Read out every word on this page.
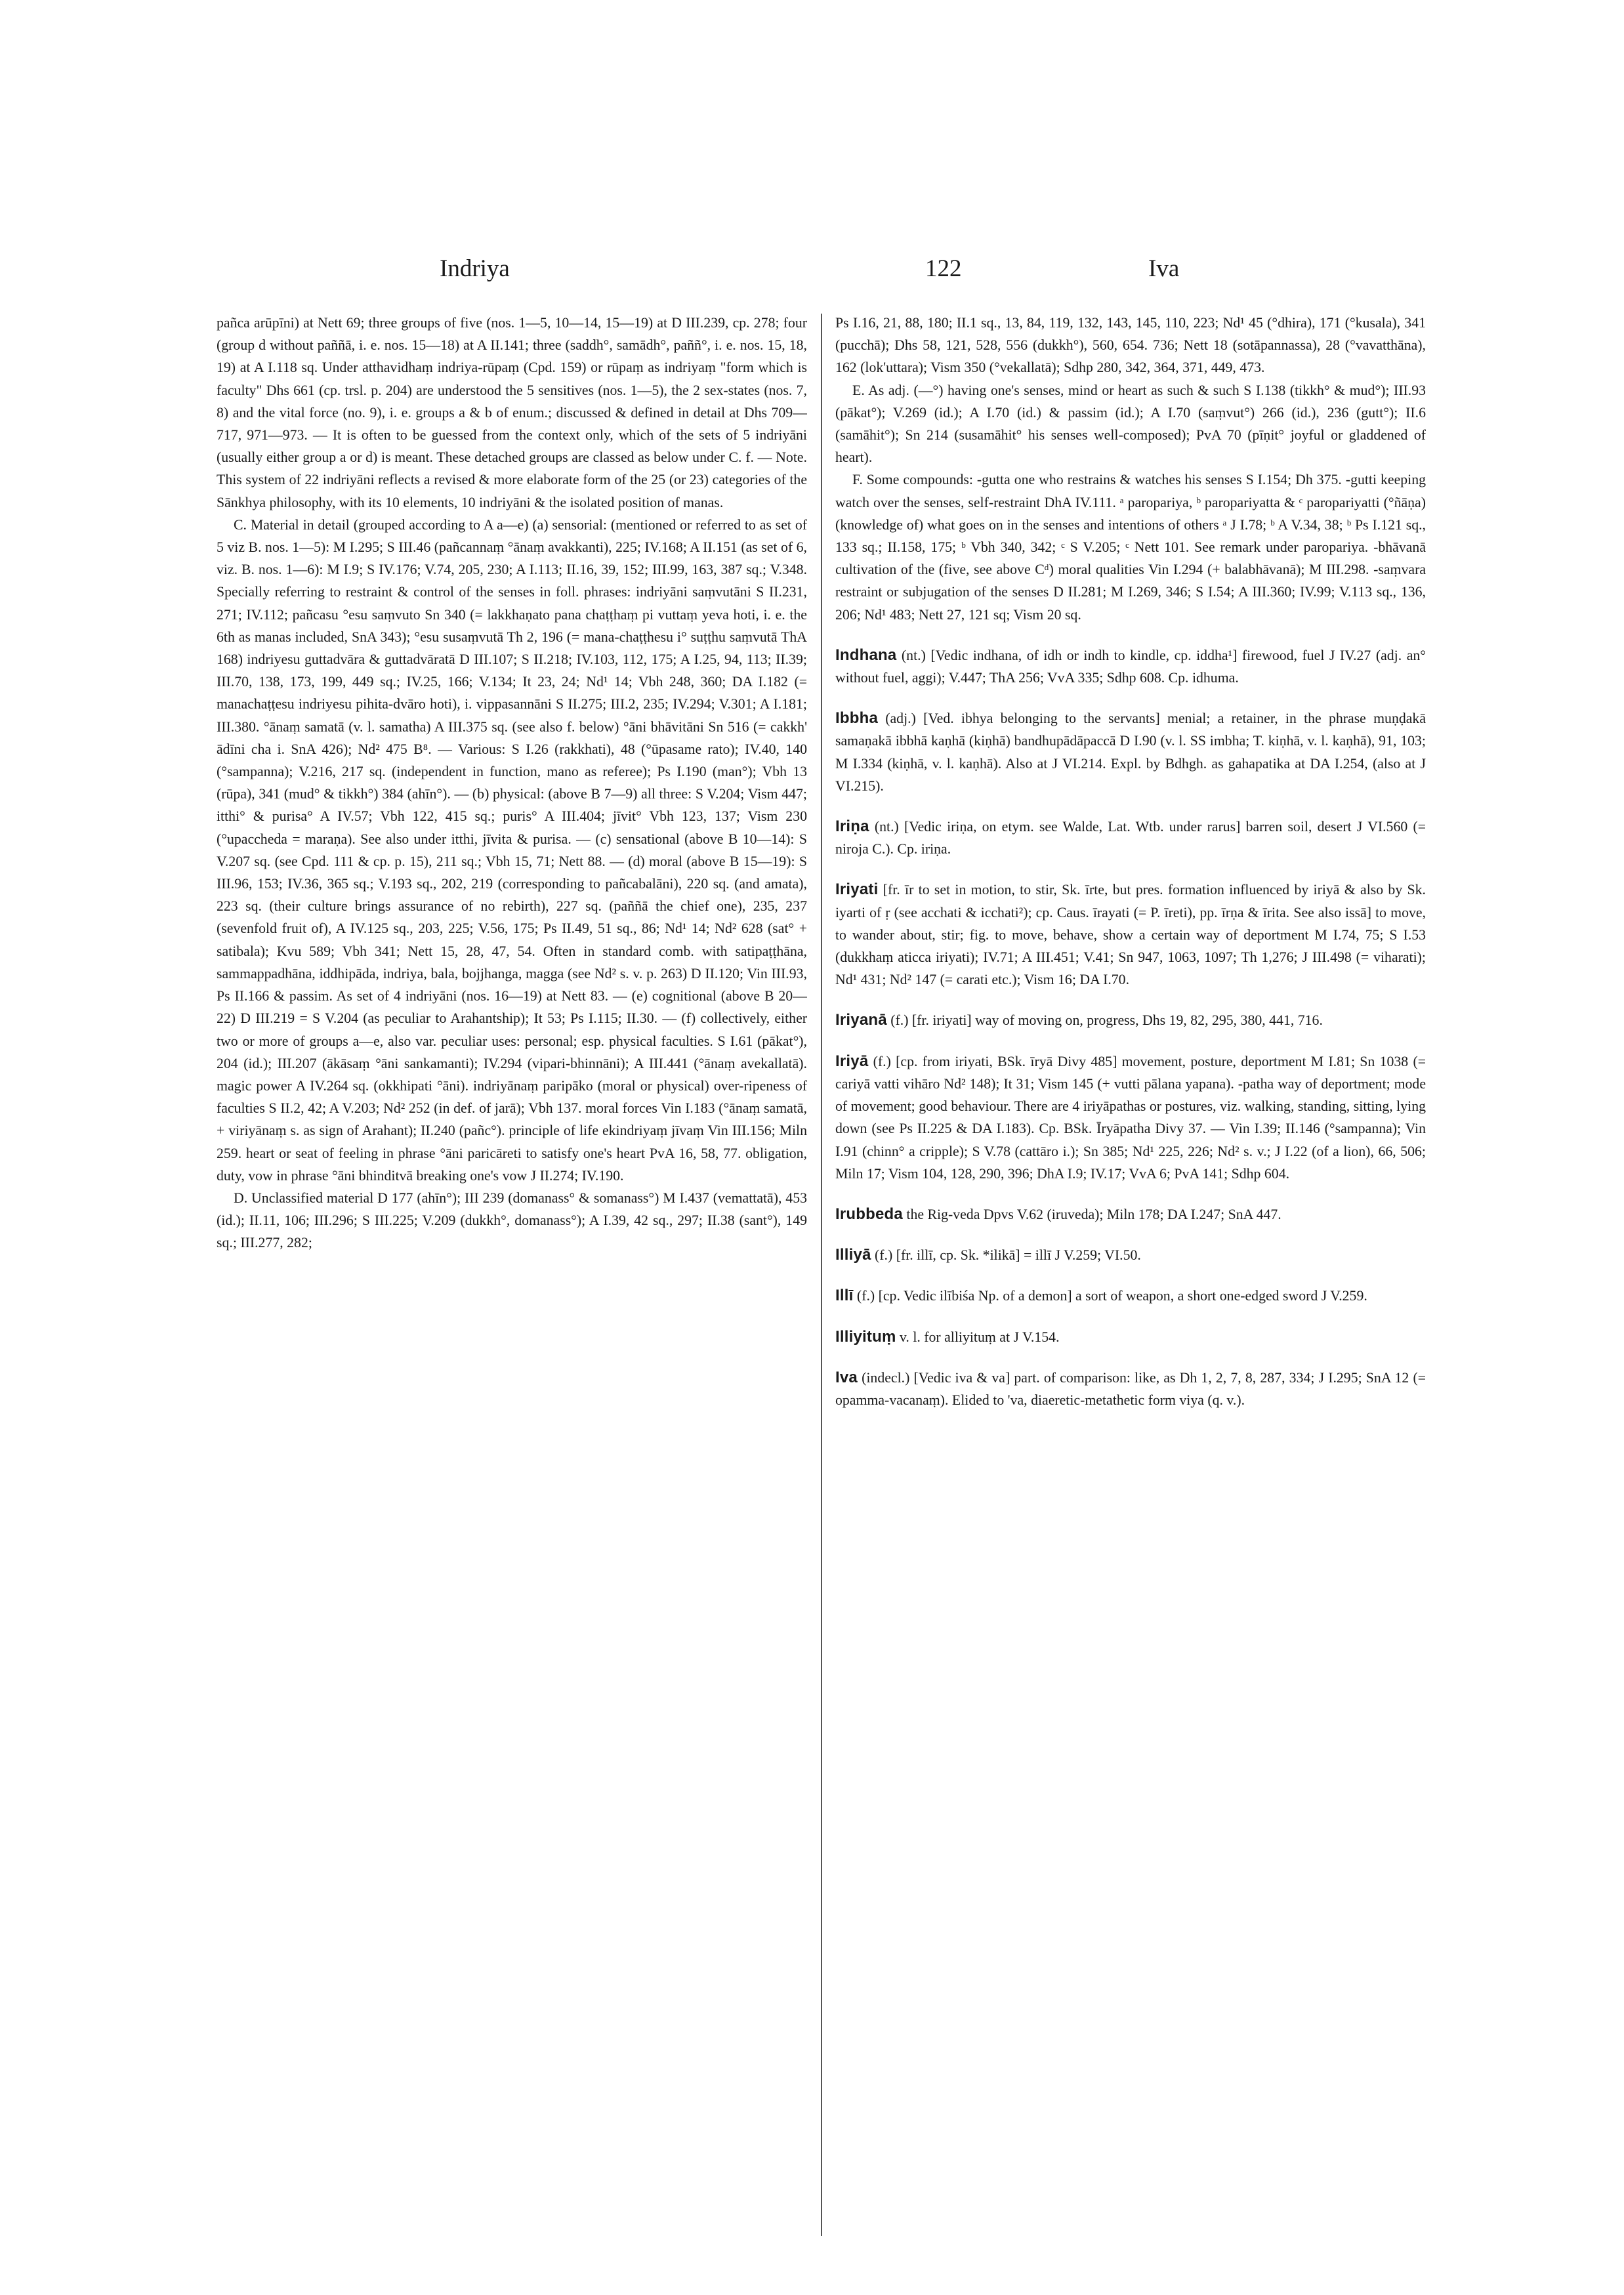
Indriya	122	Iva

pañca arūpīni) at Nett 69; three groups of five (nos. 1—5, 10—14, 15—19) at D III.239, cp. 278; four (group d without paññā, i. e. nos. 15—18) at A II.141; three (saddh°, samādh°, paññ°, i. e. nos. 15, 18, 19) at A I.118 sq. Under atthavidhaṃ indriya-rūpaṃ (Cpd. 159) or rūpaṃ as indriyaṃ "form which is faculty" Dhs 661 (cp. trsl. p. 204) are understood the 5 sensitives (nos. 1—5), the 2 sex-states (nos. 7, 8) and the vital force (no. 9), i. e. groups a & b of enum.; discussed & defined in detail at Dhs 709—717, 971—973. — It is often to be guessed from the context only, which of the sets of 5 indriyāni (usually either group a or d) is meant. These detached groups are classed as below under C. f. — Note. This system of 22 indriyāni reflects a revised & more elaborate form of the 25 (or 23) categories of the Sānkhya philosophy, with its 10 elements, 10 indriyāni & the isolated position of manas.

C. Material in detail (grouped according to A a—e) (a) sensorial: (mentioned or referred to as set of 5 viz B. nos. 1—5): M I.295; S III.46 (pañcannaṃ °ānaṃ avakkanti), 225; IV.168; A II.151 (as set of 6, viz. B. nos. 1—6): M I.9; S IV.176; V.74, 205, 230; A I.113; II.16, 39, 152; III.99, 163, 387 sq.; V.348. Specially referring to restraint & control of the senses in foll. phrases: indriyāni saṃvutāni S II.231, 271; IV.112; pañcasu °esu saṃvuto Sn 340 (= lakkhaṇato pana chaṭṭhaṃ pi vuttaṃ yeva hoti, i. e. the 6th as manas included, SnA 343); °esu susaṃvutā Th 2, 196 (= mana-chaṭṭhesu i° suṭṭhu saṃvutā ThA 168) indriyesu guttadvāra & guttadvāratā D III.107; S II.218; IV.103, 112, 175; A I.25, 94, 113; II.39; III.70, 138, 173, 199, 449 sq.; IV.25, 166; V.134; It 23, 24; Nd¹ 14; Vbh 248, 360; DA I.182 (= manachaṭṭesu indriyesu pihita-dvāro hoti), i. vippasannāni S II.275; III.2, 235; IV.294; V.301; A I.181; III.380. °ānaṃ samatā (v. l. samatha) A III.375 sq. (see also f. below) °āni bhāvitāni Sn 516 (= cakkh' ādīni cha i. SnA 426); Nd² 475 B⁸. — Various: S I.26 (rakkhati), 48 (°ūpasame rato); IV.40, 140 (°sampanna); V.216, 217 sq. (independent in function, mano as referee); Ps I.190 (man°); Vbh 13 (rūpa), 341 (mud° & tikkh°) 384 (ahīn°). — (b) physical: (above B 7—9) all three: S V.204; Vism 447; itthi° & purisa° A IV.57; Vbh 122, 415 sq.; puris° A III.404; jīvit° Vbh 123, 137; Vism 230 (°upaccheda = maraṇa). See also under itthi, jīvita & purisa. — (c) sensational (above B 10—14): S V.207 sq. (see Cpd. 111 & cp. p. 15), 211 sq.; Vbh 15, 71; Nett 88. — (d) moral (above B 15—19): S III.96, 153; IV.36, 365 sq.; V.193 sq., 202, 219 (corresponding to pañcabalāni), 220 sq. (and amata), 223 sq. (their culture brings assurance of no rebirth), 227 sq. (paññā the chief one), 235, 237 (sevenfold fruit of), A IV.125 sq., 203, 225; V.56, 175; Ps II.49, 51 sq., 86; Nd¹ 14; Nd² 628 (sat° + satibala); Kvu 589; Vbh 341; Nett 15, 28, 47, 54. Often in standard comb. with satipaṭṭhāna, sammappadhāna, iddhipāda, indriya, bala, bojjhanga, magga (see Nd² s. v. p. 263) D II.120; Vin III.93, Ps II.166 & passim. As set of 4 indriyāni (nos. 16—19) at Nett 83. — (e) cognitional (above B 20—22) D III.219 = S V.204 (as peculiar to Arahantship); It 53; Ps I.115; II.30. — (f) collectively, either two or more of groups a—e, also var. peculiar uses: personal; esp. physical faculties. S I.61 (pākat°), 204 (id.); III.207 (ākāsaṃ °āni sankamanti); IV.294 (vipari-bhinnāni); A III.441 (°ānaṃ avekallatā). magic power A IV.264 sq. (okkhipati °āni). indriyānaṃ paripāko (moral or physical) over-ripeness of faculties S II.2, 42; A V.203; Nd² 252 (in def. of jarā); Vbh 137. moral forces Vin I.183 (°ānaṃ samatā, + viriyānaṃ s. as sign of Arahant); II.240 (pañc°). principle of life ekindriyaṃ jīvaṃ Vin III.156; Miln 259. heart or seat of feeling in phrase °āni paricāreti to satisfy one's heart PvA 16, 58, 77. obligation, duty, vow in phrase °āni bhinditvā breaking one's vow J II.274; IV.190.

D. Unclassified material D 177 (ahīn°); III 239 (domanass° & somanass°) M I.437 (vemattatā), 453 (id.); II.11, 106; III.296; S III.225; V.209 (dukkh°, domanass°); A I.39, 42 sq., 297; II.38 (sant°), 149 sq.; III.277, 282;

Ps I.16, 21, 88, 180; II.1 sq., 13, 84, 119, 132, 143, 145, 110, 223; Nd¹ 45 (°dhira), 171 (°kusala), 341 (pucchā); Dhs 58, 121, 528, 556 (dukkh°), 560, 654. 736; Nett 18 (sotāpannassa), 28 (°vavatthāna), 162 (lok'uttara); Vism 350 (°vekallatā); Sdhp 280, 342, 364, 371, 449, 473.

E. As adj. (—°) having one's senses, mind or heart as such & such S I.138 (tikkh° & mud°); III.93 (pākat°); V.269 (id.); A I.70 (id.) & passim (id.); A I.70 (saṃvut°) 266 (id.), 236 (gutt°); II.6 (samāhit°); Sn 214 (susamāhit° his senses well-composed); PvA 70 (pīṇit° joyful or gladdened of heart).

F. Some compounds: -gutta one who restrains & watches his senses S I.154; Dh 375. -gutti keeping watch over the senses, self-restraint DhA IV.111. ᵃ paropariya, ᵇ paropariyatta & ᶜ paropariyatti (°ñāṇa) (knowledge of) what goes on in the senses and intentions of others ᵃ J I.78; ᵇ A V.34, 38; ᵇ Ps I.121 sq., 133 sq.; II.158, 175; ᵇ Vbh 340, 342; ᶜ S V.205; ᶜ Nett 101. See remark under paropariya. -bhāvanā cultivation of the (five, see above Cᵈ) moral qualities Vin I.294 (+ balabhāvanā); M III.298. -saṃvara restraint or subjugation of the senses D II.281; M I.269, 346; S I.54; A III.360; IV.99; V.113 sq., 136, 206; Nd¹ 483; Nett 27, 121 sq; Vism 20 sq.

Indhana (nt.) [Vedic indhana, of idh or indh to kindle, cp. iddha¹] firewood, fuel J IV.27 (adj. an° without fuel, aggi); V.447; ThA 256; VvA 335; Sdhp 608. Cp. idhuma.

Ibbha (adj.) [Ved. ibhya belonging to the servants] menial; a retainer, in the phrase muṇḍakā samaṇakā ibbhā kaṇhā (kiṇhā) bandhupādāpaccā D I.90 (v. l. SS imbha; T. kiṇhā, v. l. kaṇhā), 91, 103; M I.334 (kiṇhā, v. l. kaṇhā). Also at J VI.214. Expl. by Bdhgh. as gahapatika at DA I.254, (also at J VI.215).

Iriṇa (nt.) [Vedic iriṇa, on etym. see Walde, Lat. Wtb. under rarus] barren soil, desert J VI.560 (= niroja C.). Cp. iriṇa.

Iriyati [fr. īr to set in motion, to stir, Sk. īrte, but pres. formation influenced by iriyā & also by Sk. iyarti of ṛ (see acchati & icchati²); cp. Caus. īrayati (= P. īreti), pp. īrṇa & īrita. See also issā] to move, to wander about, stir; fig. to move, behave, show a certain way of deportment M I.74, 75; S I.53 (dukkhaṃ aticca iriyati); IV.71; A III.451; V.41; Sn 947, 1063, 1097; Th 1,276; J III.498 (= viharati); Nd¹ 431; Nd² 147 (= carati etc.); Vism 16; DA I.70.

Iriyanā (f.) [fr. iriyati] way of moving on, progress, Dhs 19, 82, 295, 380, 441, 716.

Iriyā (f.) [cp. from iriyati, BSk. īryā Divy 485] movement, posture, deportment M I.81; Sn 1038 (= cariyā vatti vihāro Nd² 148); It 31; Vism 145 (+ vutti pālana yapana). -patha way of deportment; mode of movement; good behaviour. There are 4 iriyāpathas or postures, viz. walking, standing, sitting, lying down (see Ps II.225 & DA I.183). Cp. BSk. Īryāpatha Divy 37. — Vin I.39; II.146 (°sampanna); Vin I.91 (chinn° a cripple); S V.78 (cattāro i.); Sn 385; Nd¹ 225, 226; Nd² s. v.; J I.22 (of a lion), 66, 506; Miln 17; Vism 104, 128, 290, 396; DhA I.9; IV.17; VvA 6; PvA 141; Sdhp 604.

Irubbeda the Rig-veda Dpvs V.62 (iruveda); Miln 178; DA I.247; SnA 447.

Illiyā (f.) [fr. illī, cp. Sk. *ilikā] = illī J V.259; VI.50.

Illī (f.) [cp. Vedic ilībiśa Np. of a demon] a sort of weapon, a short one-edged sword J V.259.

Illiyituṃ v. l. for alliyituṃ at J V.154.

Iva (indecl.) [Vedic iva & va] part. of comparison: like, as Dh 1, 2, 7, 8, 287, 334; J I.295; SnA 12 (= opamma-vacanaṃ). Elided to 'va, diaeretic-metathetic form viya (q. v.).
